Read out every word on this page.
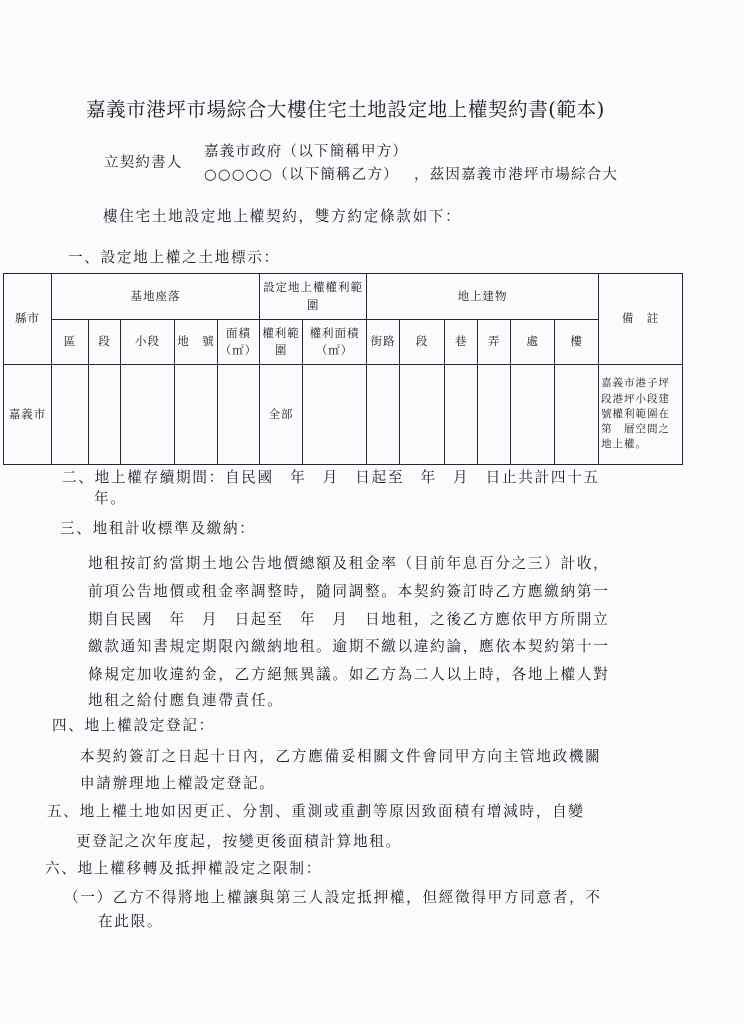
嘉義市港坪市場綜合大樓住宅土地設定地上權契約書(範本)
立契約書人
嘉義市政府（以下簡稱甲方）
○○○○○（以下簡稱乙方） ，茲因嘉義市港坪市場綜合大
樓住宅土地設定地上權契約，雙方約定條款如下：
一、設定地上權之土地標示：
縣市	基地座落					設定地上權權利範圍		地上建物						備　註
	區	段	小段	地　號	面積（㎡）	權利範圍	權利面積（㎡）	街路	段	巷	弄	處	樓	
嘉義市						全部								嘉義市港子坪段港坪小段建號權利範圍在第　層空間之地上權。
二、地上權存續期間：自民國　年　月　日起至　年　月　日止共計四十五
年。
三、地租計收標準及繳納：
地租按訂約當期土地公告地價總額及租金率（目前年息百分之三）計收，
前項公告地價或租金率調整時，隨同調整。本契約簽訂時乙方應繳納第一
期自民國　年　月　日起至　年　月　日地租，之後乙方應依甲方所開立
繳款通知書規定期限內繳納地租。逾期不繳以違約論，應依本契約第十一
條規定加收違約金，乙方絕無異議。如乙方為二人以上時，各地上權人對
地租之給付應負連帶責任。
四、地上權設定登記：
本契約簽訂之日起十日內，乙方應備妥相關文件會同甲方向主管地政機關
申請辦理地上權設定登記。
五、地上權土地如因更正、分割、重測或重劃等原因致面積有增減時，自變
更登記之次年度起，按變更後面積計算地租。
六、地上權移轉及抵押權設定之限制：
（一）乙方不得將地上權讓與第三人設定抵押權，但經徵得甲方同意者，不
在此限。
